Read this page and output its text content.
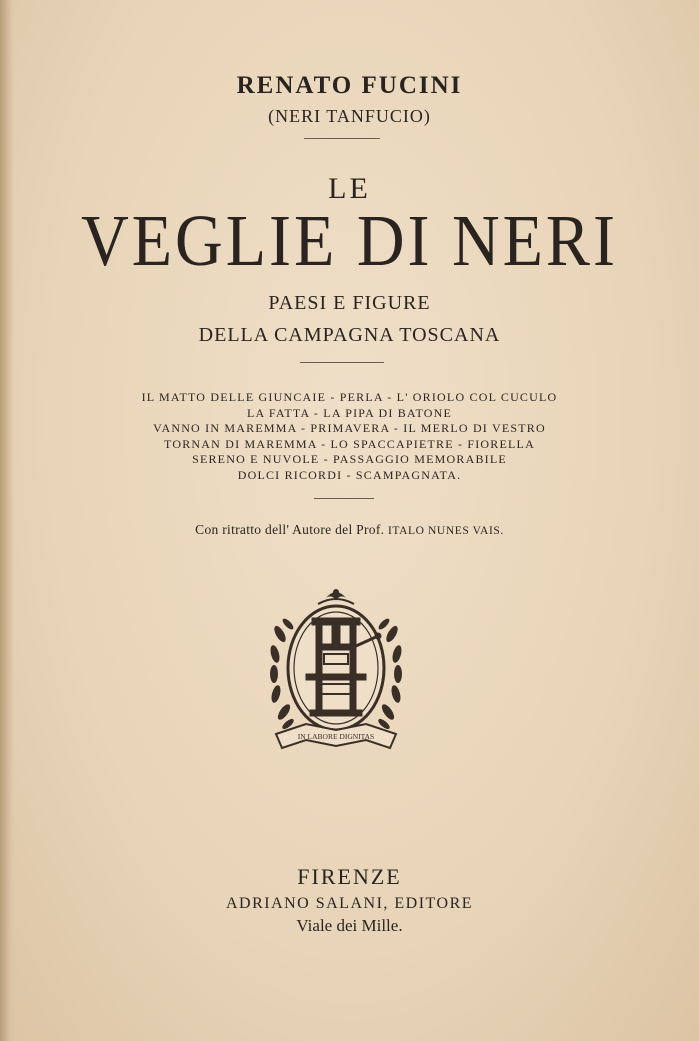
RENATO FUCINI
(NERI TANFUCIO)
LE
VEGLIE DI NERI
PAESI E FIGURE
DELLA CAMPAGNA TOSCANA
IL MATTO DELLE GIUNCAIE - PERLA - L' ORIOLO COL CUCULO
LA FATTA - LA PIPA DI BATONE
VANNO IN MAREMMA - PRIMAVERA - IL MERLO DI VESTRO
TORNAN DI MAREMMA - LO SPACCAPIETRE - FIORELLA
SERENO E NUVOLE - PASSAGGIO MEMORABILE
DOLCI RICORDI - SCAMPAGNATA.
Con ritratto dell' Autore del Prof. ITALO NUNES VAIS.
IN LABORE DIGNITAS
FIRENZE
ADRIANO SALANI, EDITORE
Viale dei Mille.
